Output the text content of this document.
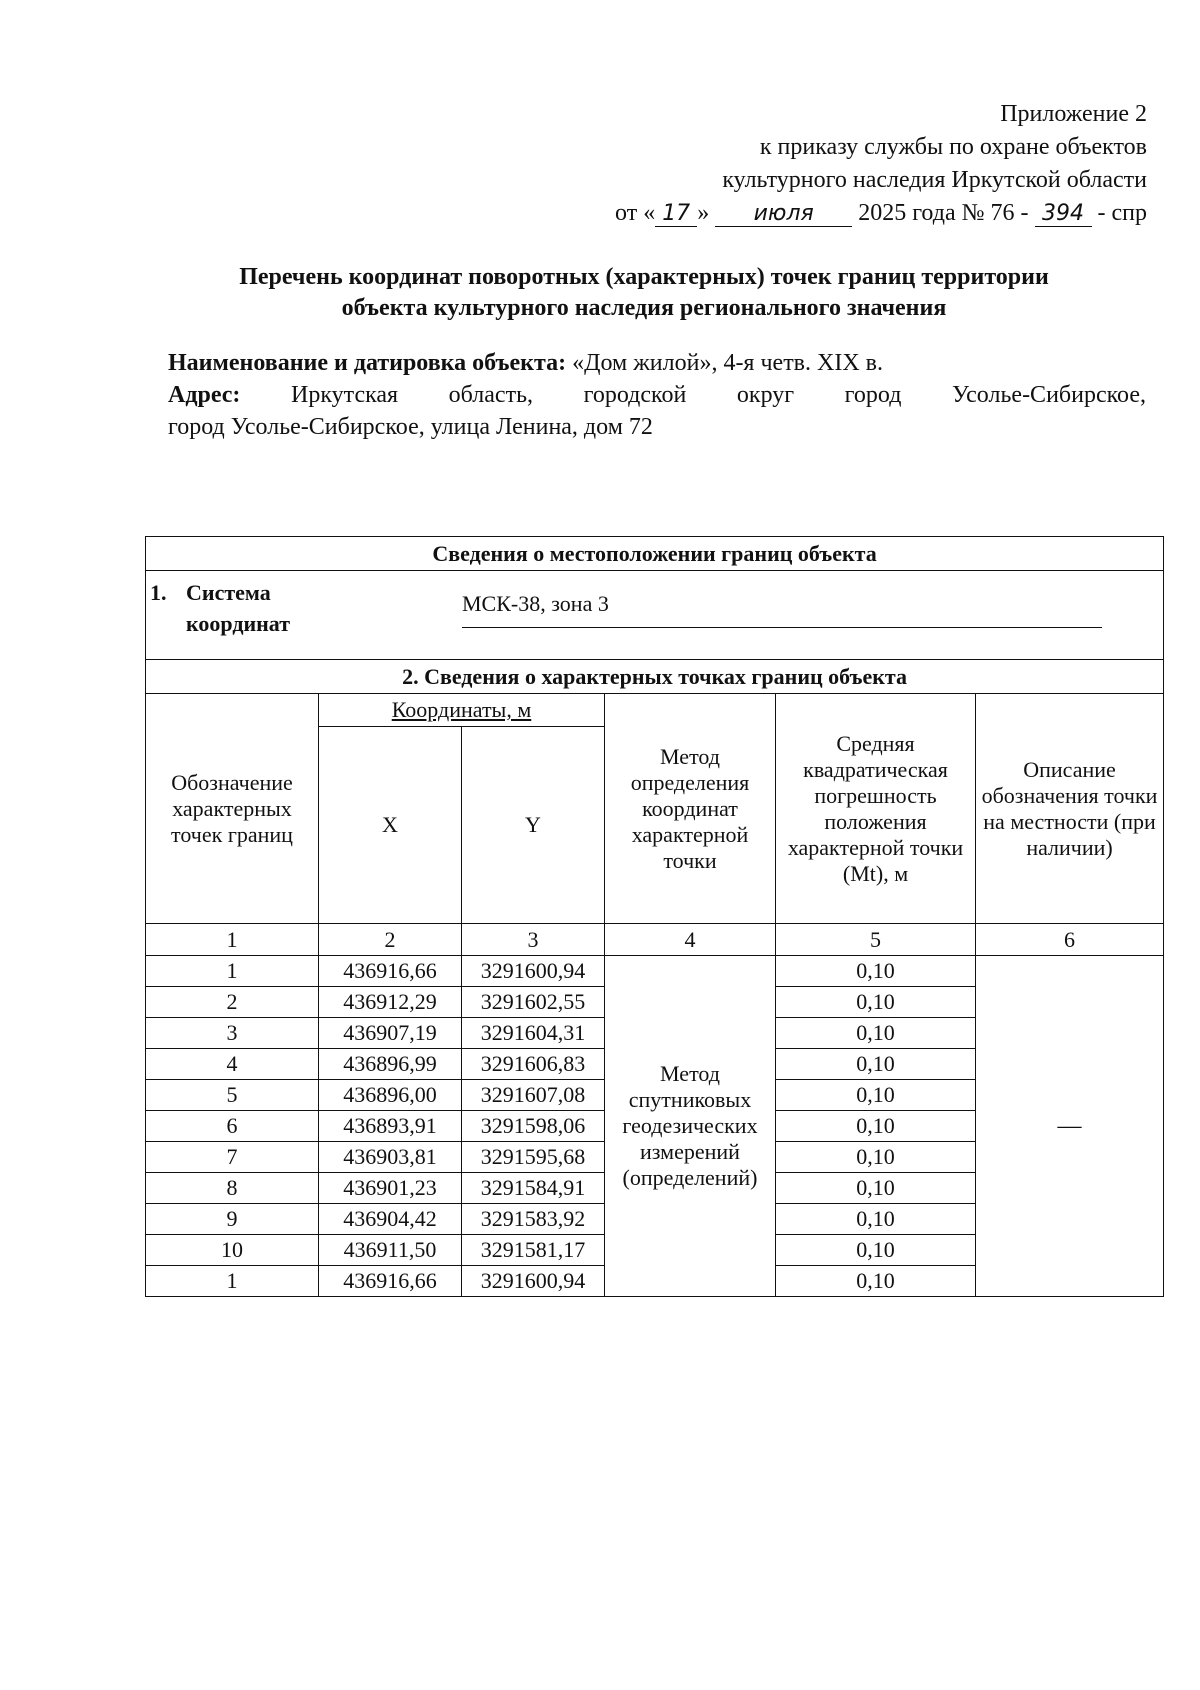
Приложение 2
к приказу службы по охране объектов
культурного наследия Иркутской области
от « 17 » июля 2025 года № 76 - 394 - спр
Перечень координат поворотных (характерных) точек границ территории
объекта культурного наследия регионального значения
Наименование и датировка объекта: «Дом жилой», 4-я четв. XIX в.
Адрес: Иркутская область, городской округ город Усолье-Сибирское,
город Усолье-Сибирское, улица Ленина, дом 72
Сведения о местоположении границ объекта					

1. Система
координат
МСК-38, зона 3					

2. Сведения о характерных точках границ объекта					
Обозначение характерных точек границ	Координаты, м		Метод определения координат характерной точки	Средняя квадратическая погрешность положения характерной точки (Mt), м	Описание обозначения точки на местности (при наличии)
	X	Y			
1	2	3	4	5	6
1	436916,66	3291600,94	Метод спутниковых геодезических измерений (определений)	0,10	—
2	436912,29	3291602,55		0,10	
3	436907,19	3291604,31		0,10	
4	436896,99	3291606,83		0,10	
5	436896,00	3291607,08		0,10	
6	436893,91	3291598,06		0,10	
7	436903,81	3291595,68		0,10	
8	436901,23	3291584,91		0,10	
9	436904,42	3291583,92		0,10	
10	436911,50	3291581,17		0,10	
1	436916,66	3291600,94		0,10	
